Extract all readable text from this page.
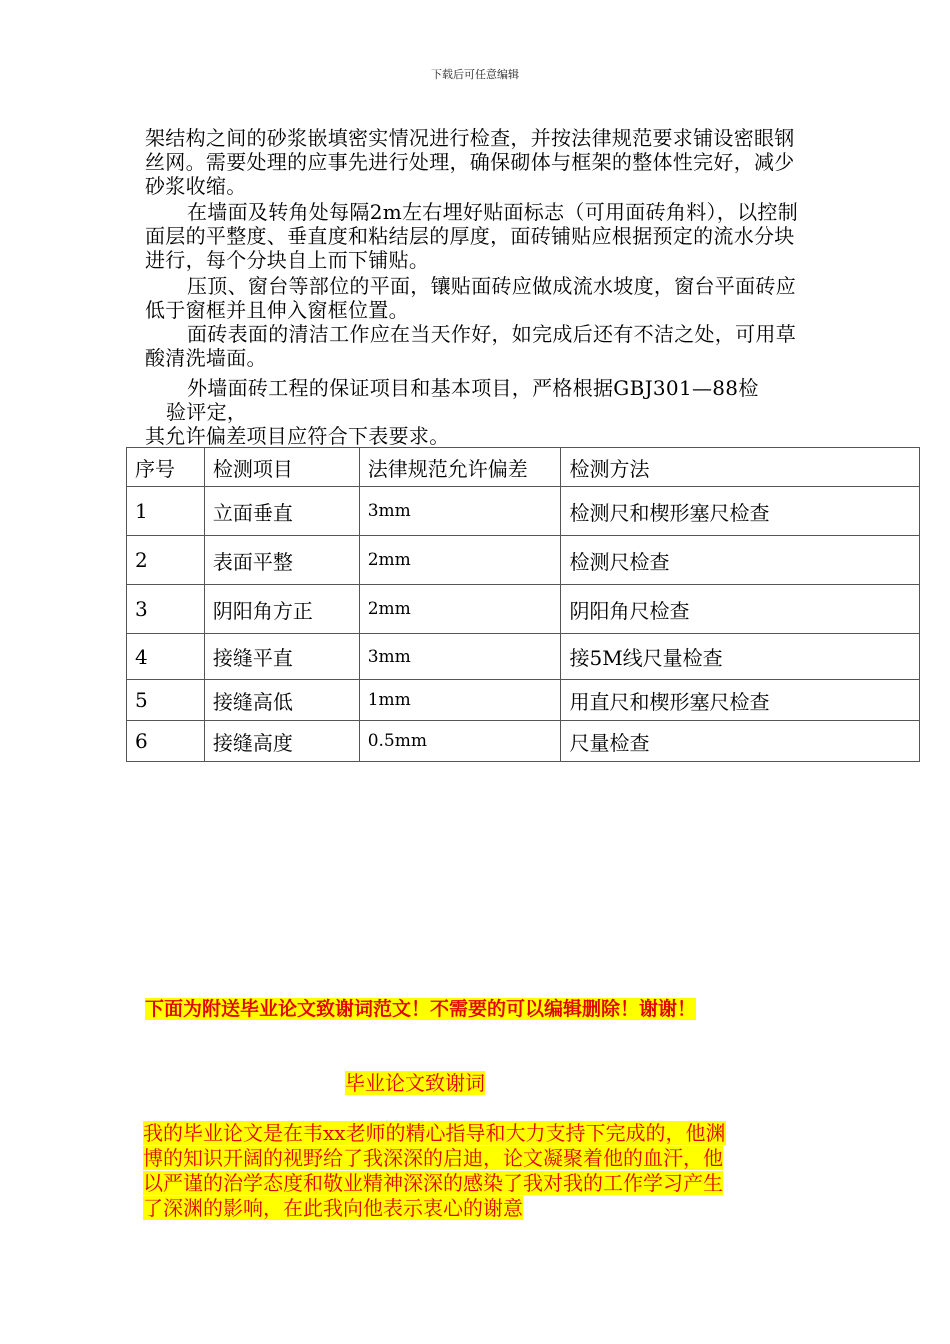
下载后可任意编辑

架结构之间的砂浆嵌填密实情况进行检查，并按法律规范要求铺设密眼钢丝网。需要处理的应事先进行处理，确保砌体与框架的整体性完好，减少砂浆收缩。

在墙面及转角处每隔2m左右埋好贴面标志（可用面砖角料），以控制面层的平整度、垂直度和粘结层的厚度，面砖铺贴应根据预定的流水分块进行，每个分块自上而下铺贴。

压顶、窗台等部位的平面，镶贴面砖应做成流水坡度，窗台平面砖应低于窗框并且伸入窗框位置。

面砖表面的清洁工作应在当天作好，如完成后还有不洁之处，可用草酸清洗墙面。

外墙面砖工程的保证项目和基本项目，严格根据GBJ301—88检

验评定，

其允许偏差项目应符合下表要求。

序号	检测项目	法律规范允许偏差	检测方法
1	立面垂直	3mm	检测尺和楔形塞尺检查
2	表面平整	2mm	检测尺检查
3	阴阳角方正	2mm	阴阳角尺检查
4	接缝平直	3mm	接5M线尺量检查
5	接缝高低	1mm	用直尺和楔形塞尺检查
6	接缝高度	0.5mm	尺量检查
下面为附送毕业论文致谢词范文！不需要的可以编辑删除！谢谢！
毕业论文致谢词
我的毕业论文是在韦xx老师的精心指导和大力支持下完成的，他渊
博的知识开阔的视野给了我深深的启迪，论文凝聚着他的血汗，他
以严谨的治学态度和敬业精神深深的感染了我对我的工作学习产生
了深渊的影响，在此我向他表示衷心的谢意
